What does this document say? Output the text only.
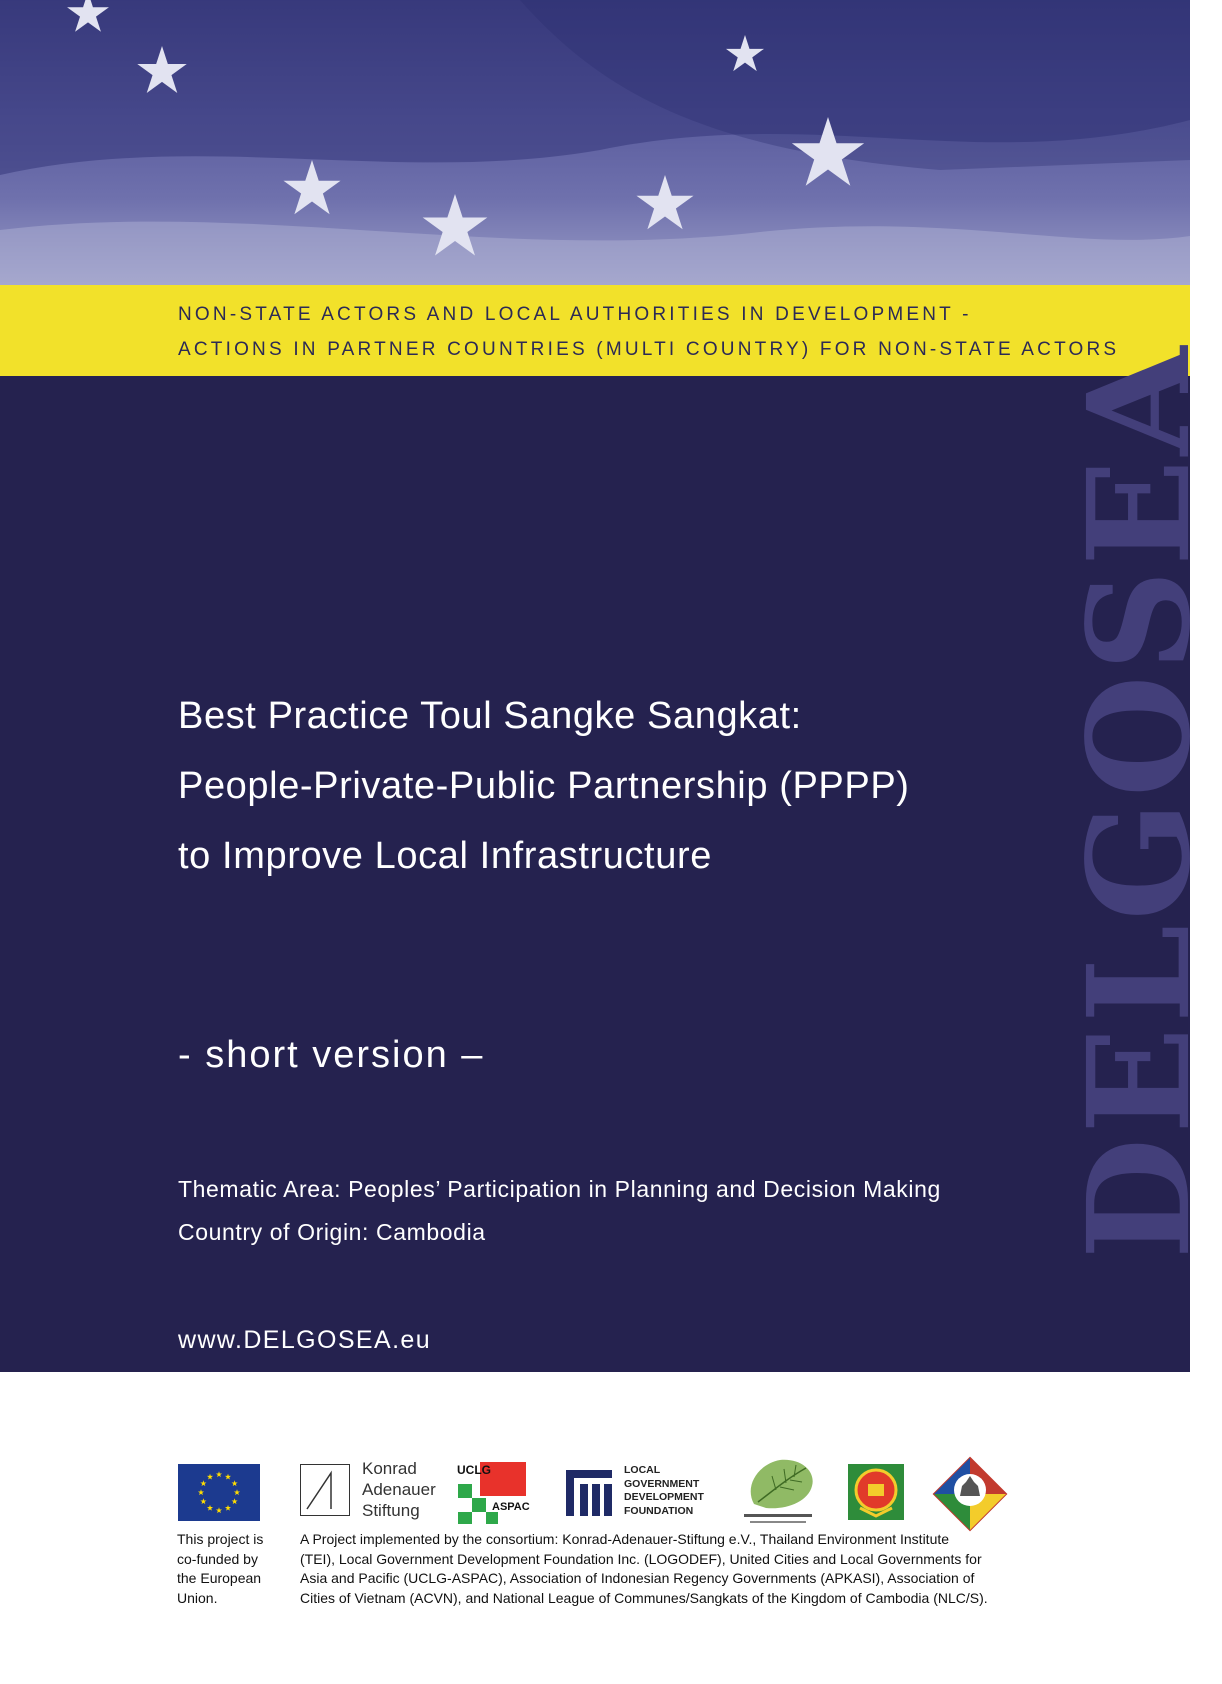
NON-STATE ACTORS AND LOCAL AUTHORITIES IN DEVELOPMENT -
ACTIONS IN PARTNER COUNTRIES (MULTI COUNTRY) FOR NON-STATE ACTORS
DELGOSEA
Best Practice Toul Sangke Sangkat:
People-Private-Public Partnership (PPPP)
to Improve Local Infrastructure
- short version –
Thematic Area: Peoples’ Participation in Planning and Decision Making
Country of Origin: Cambodia
www.DELGOSEA.eu
Konrad
Adenauer
Stiftung
UCLG
ASPAC
LOCAL
GOVERNMENT
DEVELOPMENT
FOUNDATION
This project is
co-funded by
the European
Union.
A Project implemented by the consortium: Konrad-Adenauer-Stiftung e.V., Thailand Environment Institute
(TEI), Local Government Development Foundation Inc. (LOGODEF), United Cities and Local Governments for
Asia and Pacific (UCLG-ASPAC), Association of Indonesian Regency Governments (APKASI), Association of
Cities of Vietnam (ACVN), and National League of Communes/Sangkats of the Kingdom of Cambodia (NLC/S).
